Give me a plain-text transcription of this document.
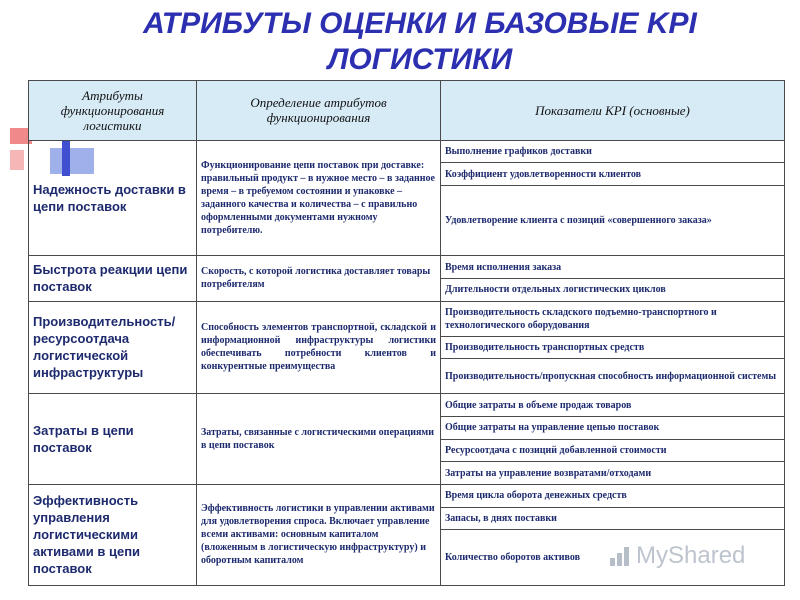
АТРИБУТЫ ОЦЕНКИ И БАЗОВЫЕ KPI ЛОГИСТИКИ
Атрибуты функционирования логистики	Определение атрибутов функционирования	Показатели KPI (основные)
Надежность доставки в цепи поставок	Функционирование цепи поставок при доставке: правильный продукт – в нужное место – в заданное время – в требуемом состоянии и упаковке – заданного качества и количества – с правильно оформленными документами нужному потребителю.	Выполнение графиков доставки
		Коэффициент удовлетворенности клиентов
		Удовлетворение клиента с позиций «совершенного заказа»
Быстрота реакции цепи поставок	Скорость, с которой логистика доставляет товары потребителям	Время исполнения заказа
		Длительности отдельных логистических циклов
Производительность/ ресурсоотдача логистической инфраструктуры	Способность элементов транспортной, складской и информационной инфраструктуры логистики обеспечивать потребности клиентов и конкурентные преимущества	Производительность складского подъемно-транспортного и технологического оборудования
		Производительность транспортных средств
		Производительность/пропускная способность информационной системы
Затраты в цепи поставок	Затраты, связанные с логистическими операциями в цепи поставок	Общие затраты в объеме продаж товаров
		Общие затраты на управление цепью поставок
		Ресурсоотдача с позиций добавленной стоимости
		Затраты на управление возвратами/отходами
Эффективность управления логистическими активами в цепи поставок	Эффективность логистики в управлении активами для удовлетворения спроса. Включает управление всеми активами: основным капиталом (вложенным в логистическую инфраструктуру) и оборотным капиталом	Время цикла оборота денежных средств
		Запасы, в днях поставки
		Количество оборотов активов MyShared
